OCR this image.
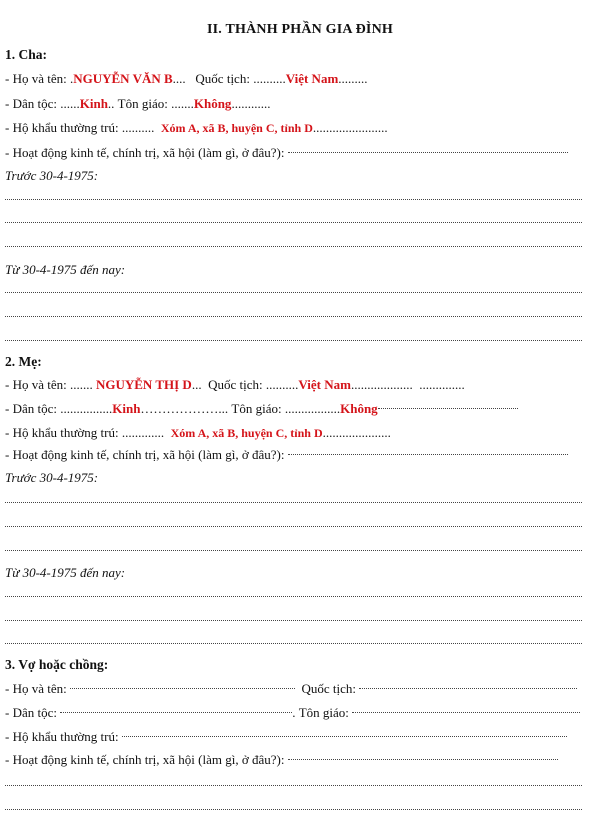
II. THÀNH PHẦN GIA ĐÌNH
1. Cha:
- Họ và tên: .NGUYỄN VĂN B....   Quốc tịch: ..........Việt Nam.........
- Dân tộc: ......Kinh.. Tôn giáo: .......Không............
- Hộ khẩu thường trú: ..........  Xóm A, xã B, huyện C, tỉnh D.......................
- Hoạt động kinh tế, chính trị, xã hội (làm gì, ở đâu?):
Trước 30-4-1975:
Từ 30-4-1975 đến nay:
2. Mẹ:
- Họ và tên: ....... NGUYỄN THỊ D...  Quốc tịch: ..........Việt Nam...................  ..............
- Dân tộc: ................Kinh………………... Tôn giáo: .................Không
- Hộ khẩu thường trú: .............  Xóm A, xã B, huyện C, tỉnh D.....................
- Hoạt động kinh tế, chính trị, xã hội (làm gì, ở đâu?):
Trước 30-4-1975:
Từ 30-4-1975 đến nay:
3. Vợ hoặc chồng:
- Họ và tên:	Quốc tịch:
- Dân tộc:	. Tôn giáo:
- Hộ khẩu thường trú:
- Hoạt động kinh tế, chính trị, xã hội (làm gì, ở đâu?):
